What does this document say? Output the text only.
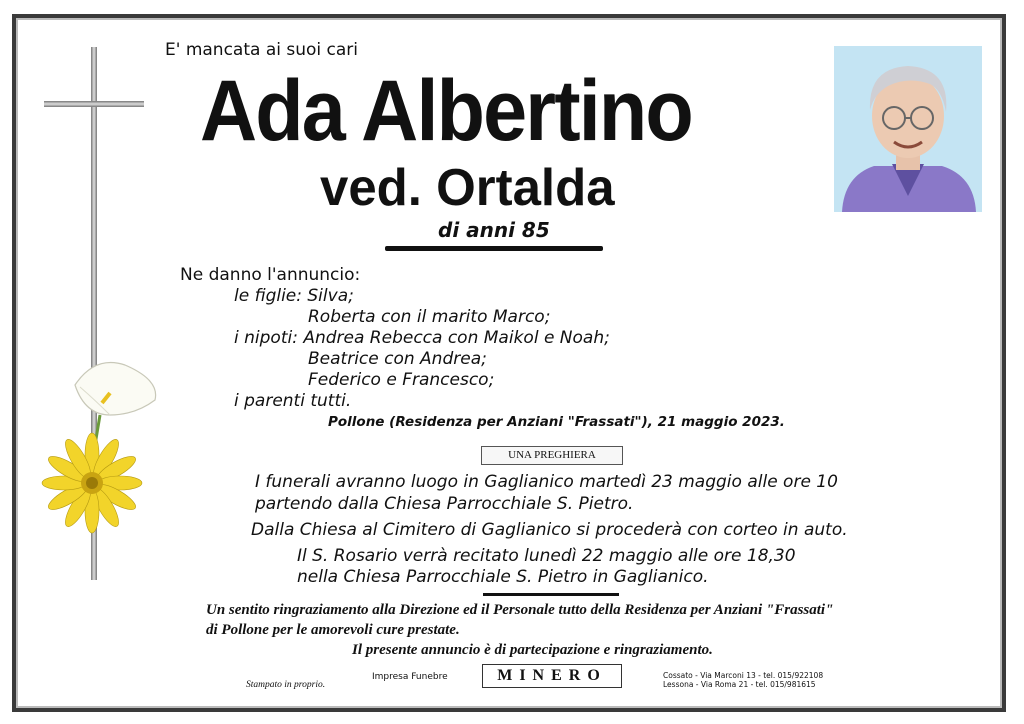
E' mancata ai suoi cari
Ada Albertino
ved. Ortalda
di anni 85
Ne danno l'annuncio:
le figlie: Silva;
Roberta con il marito Marco;
i nipoti: Andrea Rebecca con Maikol e Noah;
Beatrice con Andrea;
Federico e Francesco;
i parenti tutti.
Pollone (Residenza per Anziani "Frassati"), 21 maggio 2023.
UNA PREGHIERA
I funerali avranno luogo in Gaglianico martedì 23 maggio alle ore 10
partendo dalla Chiesa Parrocchiale S. Pietro.
Dalla Chiesa al Cimitero di Gaglianico si procederà con corteo in auto.
Il S. Rosario verrà recitato lunedì 22 maggio alle ore 18,30
nella Chiesa Parrocchiale S. Pietro in Gaglianico.
Un sentito ringraziamento alla Direzione ed il Personale tutto della Residenza per Anziani "Frassati"
di Pollone per le amorevoli cure prestate.
Il presente annuncio è di partecipazione e ringraziamento.
Stampato in proprio.
Impresa Funebre	MINERO	Cossato - Via Marconi 13 - tel. 015/922108
Lessona - Via Roma 21 - tel. 015/981615
